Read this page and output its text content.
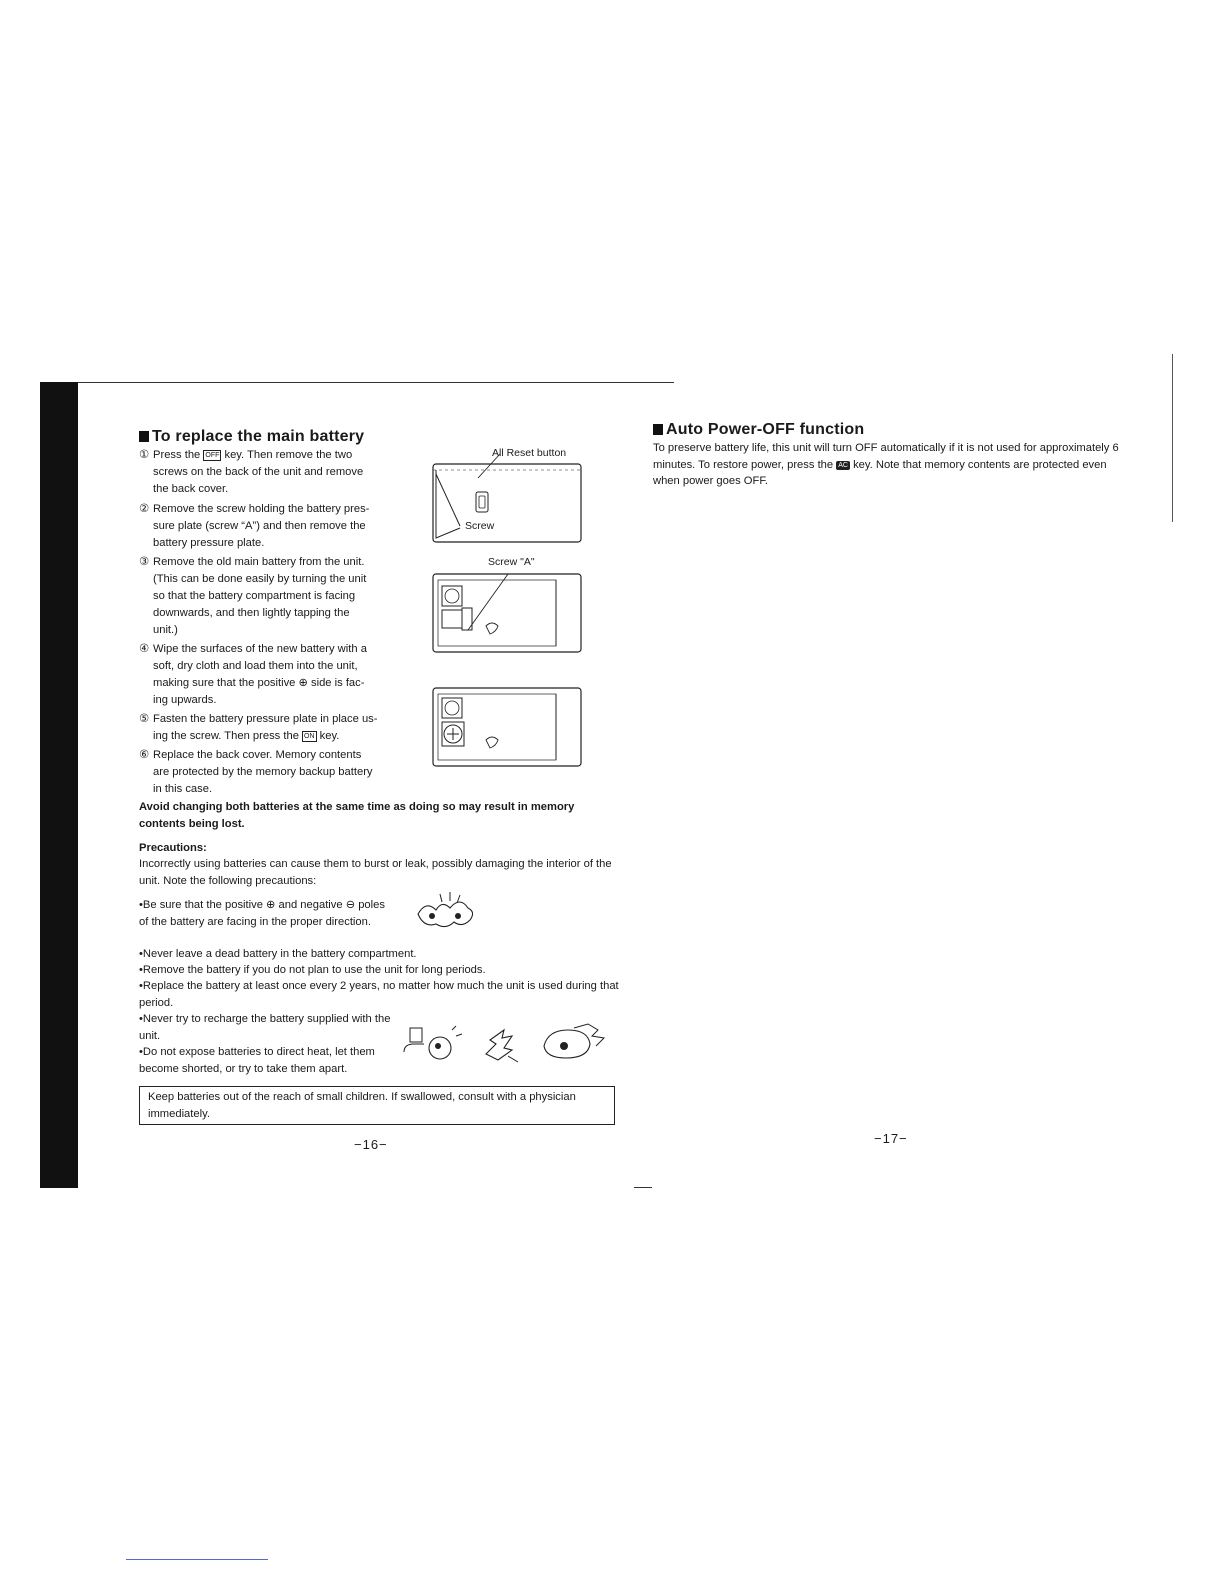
To replace the main battery
① Press the OFF key. Then remove the two
screws on the back of the unit and remove
the back cover.
② Remove the screw holding the battery pres-
sure plate (screw “A”) and then remove the
battery pressure plate.
③ Remove the old main battery from the unit.
(This can be done easily by turning the unit
so that the battery compartment is facing
downwards, and then lightly tapping the
unit.)
④ Wipe the surfaces of the new battery with a
soft, dry cloth and load them into the unit,
making sure that the positive ⊕ side is fac-
ing upwards.
⑤ Fasten the battery pressure plate in place us-
ing the screw. Then press the ON key.
⑥ Replace the back cover. Memory contents
are protected by the memory backup battery
in this case.
All Reset button
Screw
Screw "A"
Avoid changing both batteries at the same time as doing so may result in memory contents being lost.
Precautions:
Incorrectly using batteries can cause them to burst or leak, possibly damaging the interior of the unit. Note the following precautions:
•Be sure that the positive ⊕ and negative ⊖ poles of the battery are facing in the proper direction.
•Never leave a dead battery in the battery compartment.
•Remove the battery if you do not plan to use the unit for long periods.
•Replace the battery at least once every 2 years, no matter how much the unit is used during that period.
•Never try to recharge the battery supplied with the unit.
•Do not expose batteries to direct heat, let them become shorted, or try to take them apart.
Keep batteries out of the reach of small children. If swallowed, consult with a physician immediately.
−16−
Auto Power-OFF function
To preserve battery life, this unit will turn OFF automatically if it is not used for approximately 6 minutes. To restore power, press the AC key. Note that memory contents are protected even when power goes OFF.
−17−
